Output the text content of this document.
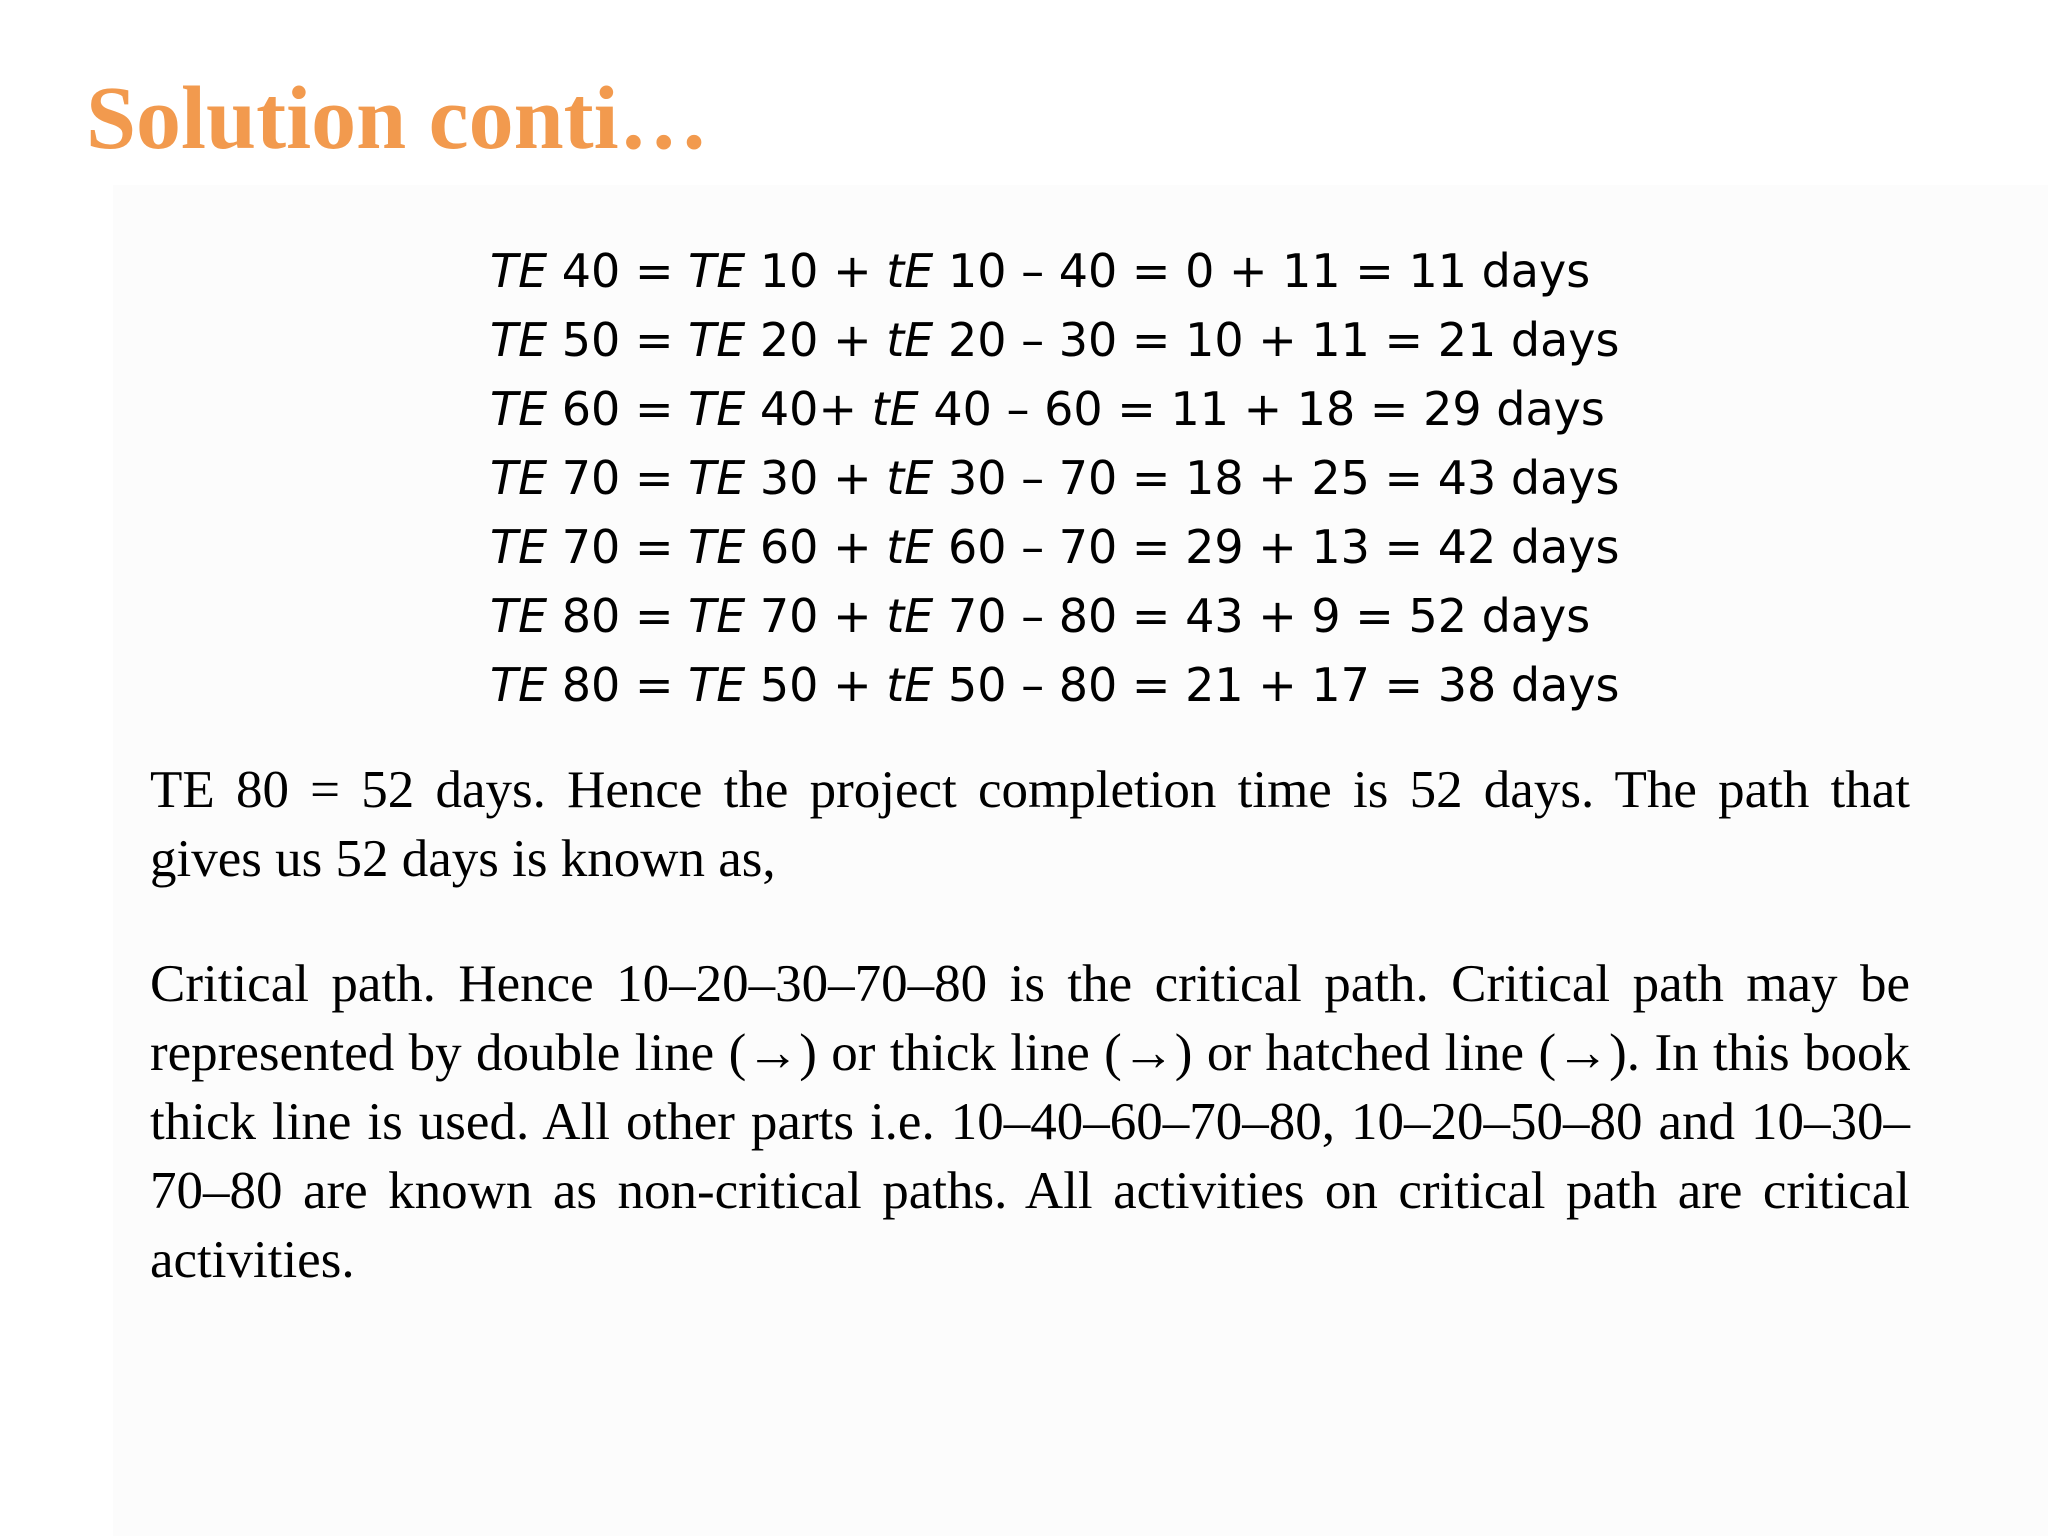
Solution conti…
TE 40 = TE 10 + tE 10 – 40 = 0 + 11 = 11 days
TE 50 = TE 20 + tE 20 – 30 = 10 + 11 = 21 days
TE 60 = TE 40+ tE 40 – 60 = 11 + 18 = 29 days
TE 70 = TE 30 + tE 30 – 70 = 18 + 25 = 43 days
TE 70 = TE 60 + tE 60 – 70 = 29 + 13 = 42 days
TE 80 = TE 70 + tE 70 – 80 = 43 + 9 = 52 days
TE 80 = TE 50 + tE 50 – 80 = 21 + 17 = 38 days

TE 80 = 52 days. Hence the project completion time is 52 days. The path that gives us 52 days is known as,

Critical path. Hence 10–20–30–70–80 is the critical path. Critical path may be represented by double line (→) or thick line (→) or hatched line (→). In this book thick line is used. All other parts i.e. 10–40–60–70–80, 10–20–50–80 and 10–30–70–80 are known as non-critical paths. All activities on critical path are critical activities.
